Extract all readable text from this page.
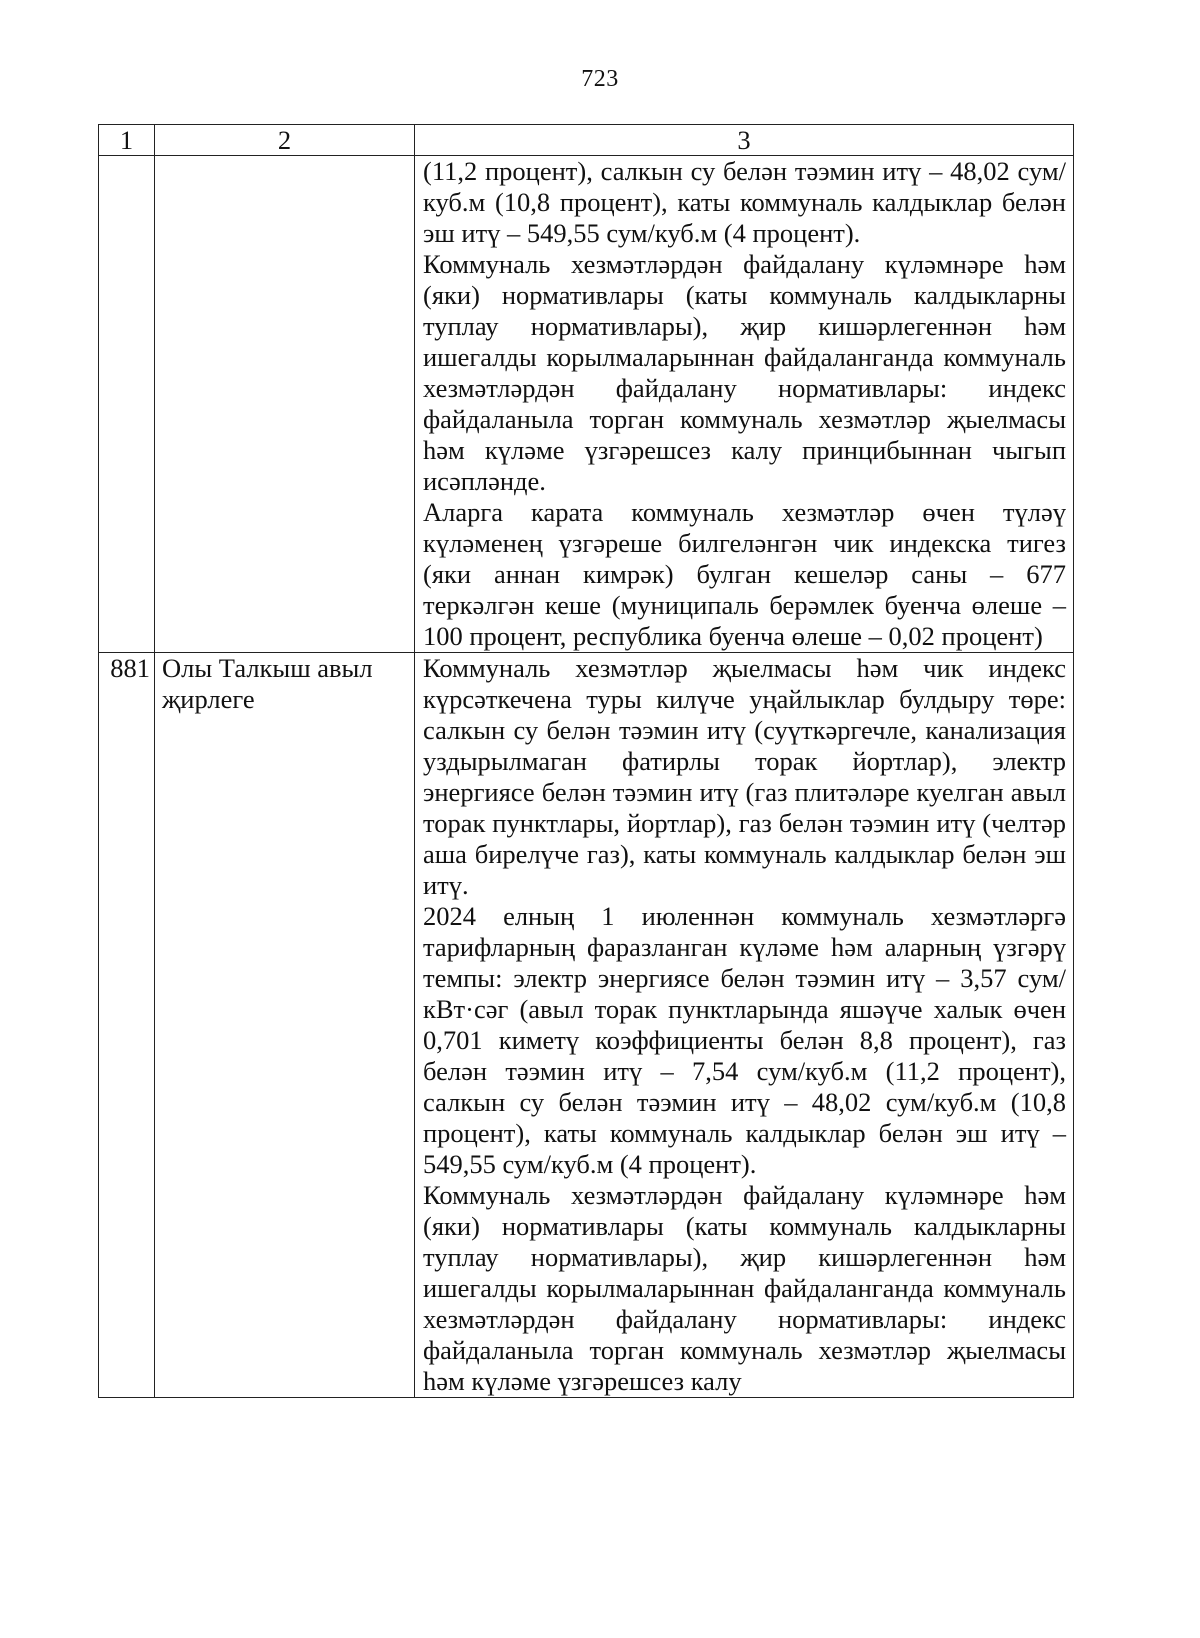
723
1	2	3

		(11,2 процент), салкын су белән тәэмин итү – 48,02 сум/куб.м (10,8 процент), каты коммуналь калдыклар белән эш итү – 549,55 сум/куб.м (4 процент).

Коммуналь хезмәтләрдән файдалану күләмнәре һәм (яки) нормативлары (каты коммуналь калдыкларны туплау нормативлары), җир кишәрлегеннән һәм ишегалды корылмаларыннан файдаланганда коммуналь хезмәтләрдән файдалану нормативлары: индекс файдаланыла торган коммуналь хезмәтләр җыелмасы һәм күләме үзгәрешсез калу принцибыннан чыгып исәпләнде.

Аларга карата коммуналь хезмәтләр өчен түләү күләменең үзгәреше билгеләнгән чик индекска тигез (яки аннан кимрәк) булган кешеләр саны – 677 теркәлгән кеше (муниципаль берәмлек буенча өлеше – 100 процент, республика буенча өлеше – 0,02 процент)

881	Олы Талкыш авыл җирлеге	Коммуналь хезмәтләр җыелмасы һәм чик индекс күрсәткечена туры килүче уңайлыклар булдыру төре: салкын су белән тәэмин итү (суүткәргечле, канализация уздырылмаган фатирлы торак йортлар), электр энергиясе белән тәэмин итү (газ плитәләре куелган авыл торак пунктлары, йортлар), газ белән тәэмин итү (челтәр аша бирелүче газ), каты коммуналь калдыклар белән эш итү.

2024 елның 1 июленнән коммуналь хезмәтләргә тарифларның фаразланган күләме һәм аларның үзгәрү темпы: электр энергиясе белән тәэмин итү – 3,57 сум/кВт·сәг (авыл торак пунктларында яшәүче халык өчен 0,701 киметү коэффициенты белән 8,8 процент), газ белән тәэмин итү – 7,54 сум/куб.м (11,2 процент), салкын су белән тәэмин итү – 48,02 сум/куб.м (10,8 процент), каты коммуналь калдыклар белән эш итү – 549,55 сум/куб.м (4 процент).

Коммуналь хезмәтләрдән файдалану күләмнәре һәм (яки) нормативлары (каты коммуналь калдыкларны туплау нормативлары), җир кишәрлегеннән һәм ишегалды корылмаларыннан файдаланганда коммуналь хезмәтләрдән файдалану нормативлары: индекс файдаланыла торган коммуналь хезмәтләр җыелмасы һәм күләме үзгәрешсез калу
